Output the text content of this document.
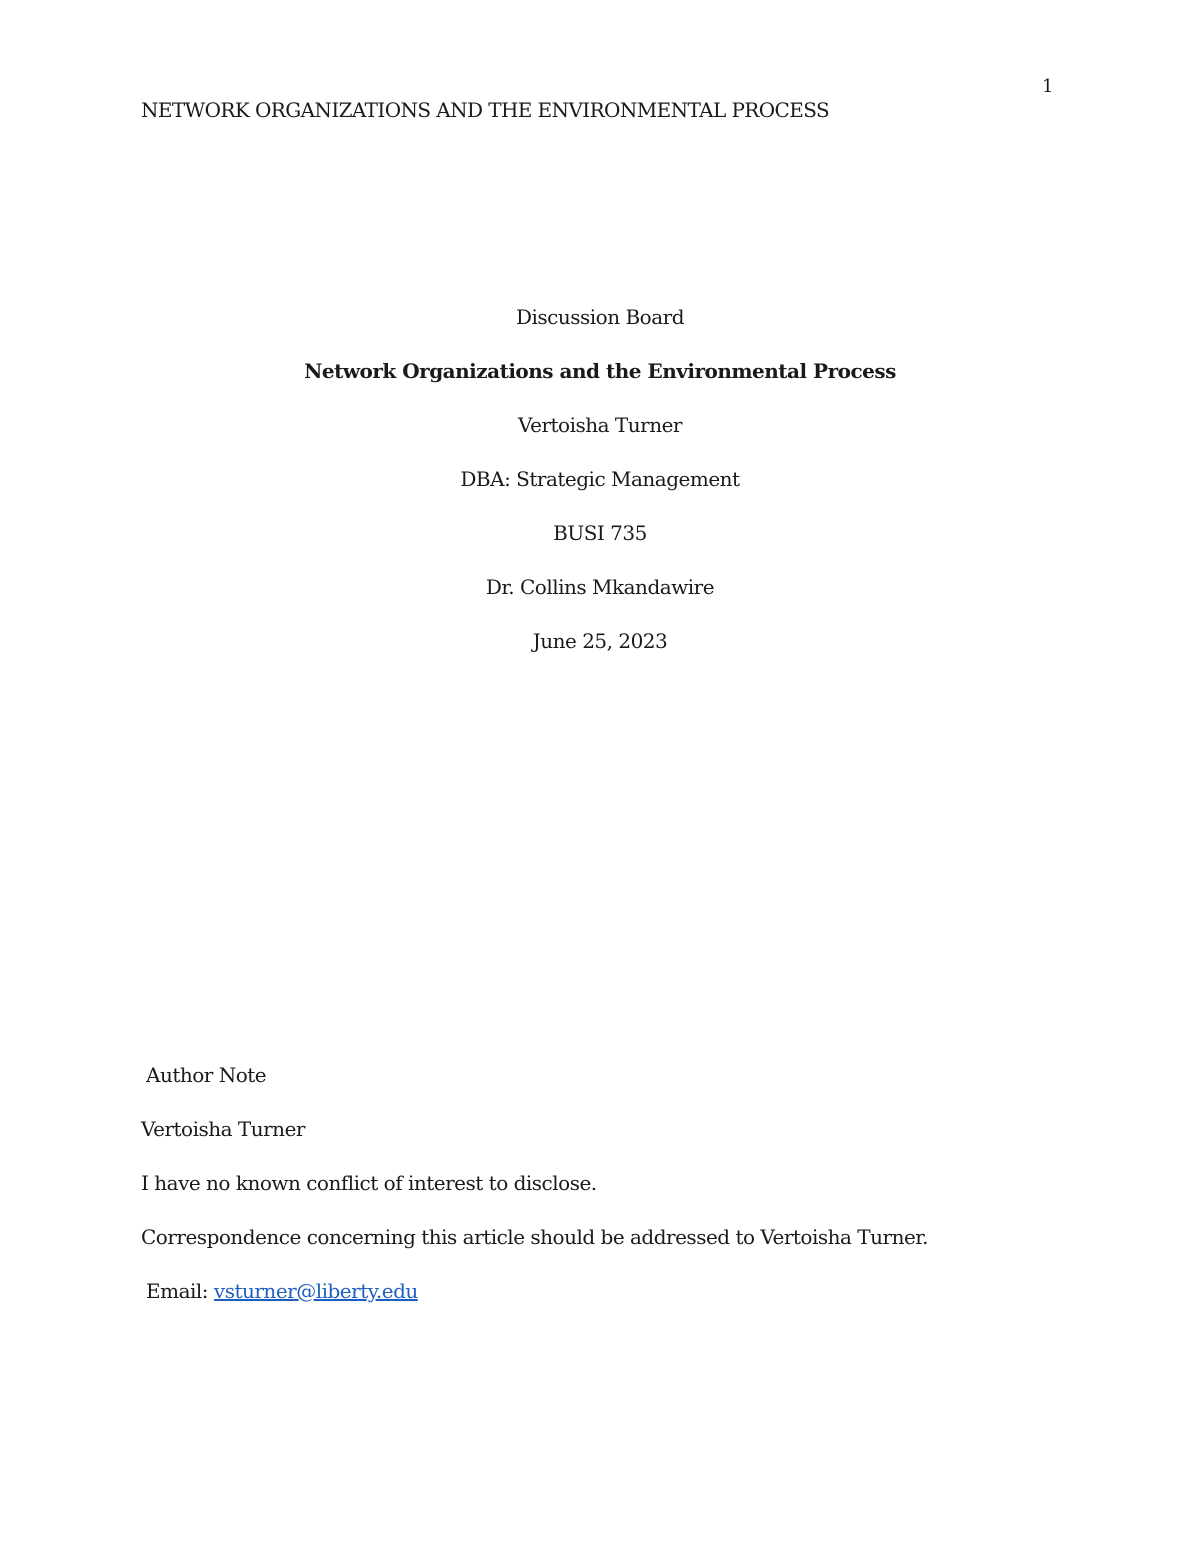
1
NETWORK ORGANIZATIONS AND THE ENVIRONMENTAL PROCESS
Discussion Board
Network Organizations and the Environmental Process
Vertoisha Turner
DBA: Strategic Management
BUSI 735
Dr. Collins Mkandawire
June 25, 2023
Author Note
Vertoisha Turner
I have no known conflict of interest to disclose.
Correspondence concerning this article should be addressed to Vertoisha Turner.
Email: vsturner@liberty.edu
